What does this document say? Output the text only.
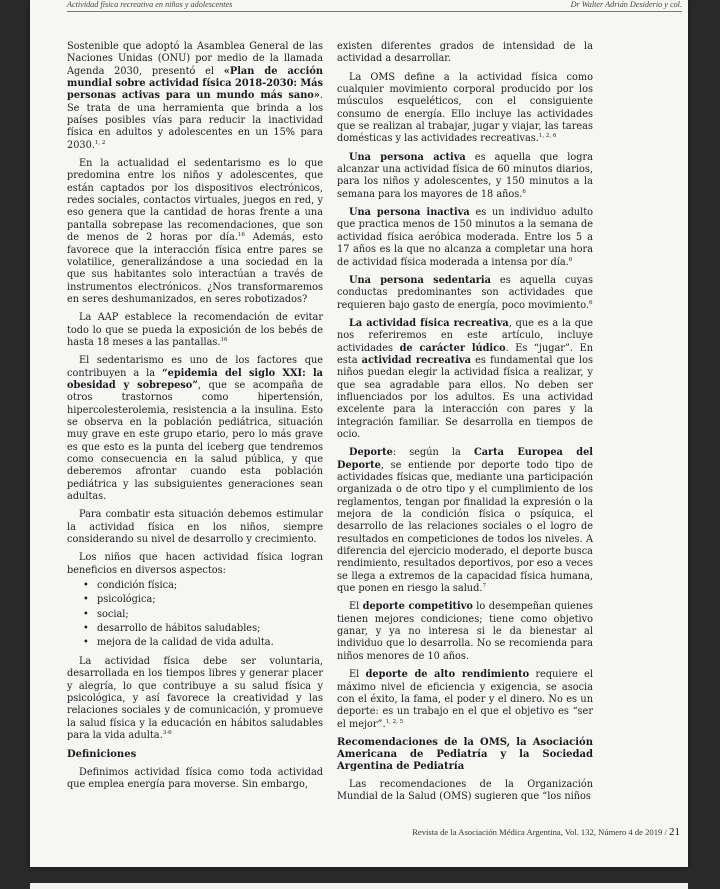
Actividad física recreativa en niños y adolescentes	Dr Walter Adrián Desiderio y col.

Sostenible que adoptó la Asamblea General de las Naciones Unidas (ONU) por medio de la llamada Agenda 2030, presentó el «Plan de acción mundial sobre actividad física 2018-2030: Más personas activas para un mundo más sano». Se trata de una herramienta que brinda a los países posibles vías para reducir la inactividad física en adultos y adolescentes en un 15% para 2030.$^{1, 2}$

En la actualidad el sedentarismo es lo que predomina entre los niños y adolescentes, que están captados por los dispositivos electrónicos, redes sociales, contactos virtuales, juegos en red, y eso genera que la cantidad de horas frente a una pantalla sobrepase las recomendaciones, que son de menos de 2 horas por día.$^{16}$ Además, esto favorece que la interacción física entre pares se volatilice, generalizándose a una sociedad en la que sus habitantes solo interactúan a través de instrumentos electrónicos. ¿Nos transformaremos en seres deshumanizados, en seres robotizados?

La AAP establece la recomendación de evitar todo lo que se pueda la exposición de los bebés de hasta 18 meses a las pantallas.$^{16}$

El sedentarismo es uno de los factores que contribuyen a la “epidemia del siglo XXI: la obesidad y sobrepeso”, que se acompaña de otros trastornos como hipertensión, hipercolesterolemia, resistencia a la insulina. Esto se observa en la población pediátrica, situación muy grave en este grupo etario, pero lo más grave es que esto es la punta del iceberg que tendremos como consecuencia en la salud pública, y que deberemos afrontar cuando esta población pediátrica y las subsiguientes generaciones sean adultas.

Para combatir esta situación debemos estimular la actividad física en los niños, siempre considerando su nivel de desarrollo y crecimiento.

Los niños que hacen actividad física logran beneficios en diversos aspectos:

• condición física;
• psicológica;
• social;
• desarrollo de hábitos saludables;
• mejora de la calidad de vida adulta.

La actividad física debe ser voluntaria, desarrollada en los tiempos libres y generar placer y alegría, lo que contribuye a su salud física y psicológica, y así favorece la creatividad y las relaciones sociales y de comunicación, y promueve la salud física y la educación en hábitos saludables para la vida adulta.$^{3-6}$

Definiciones

Definimos actividad física como toda actividad que emplea energía para moverse. Sin embargo,

existen diferentes grados de intensidad de la actividad a desarrollar.

La OMS define a la actividad física como cualquier movimiento corporal producido por los músculos esqueléticos, con el consiguiente consumo de energía. Ello incluye las actividades que se realizan al trabajar, jugar y viajar, las tareas domésticas y las actividades recreativas.$^{1, 2, 6}$

Una persona activa es aquella que logra alcanzar una actividad física de 60 minutos diarios, para los niños y adolescentes, y 150 minutos a la semana para los mayores de 18 años.$^6$

Una persona inactiva es un individuo adulto que practica menos de 150 minutos a la semana de actividad física aeróbica moderada. Entre los 5 a 17 años es la que no alcanza a completar una hora de actividad física moderada a intensa por día.$^6$

Una persona sedentaria es aquella cuyas conductas predominantes son actividades que requieren bajo gasto de energía, poco movimiento.$^6$

La actividad física recreativa, que es a la que nos referiremos en este artículo, incluye actividades de carácter lúdico. Es “jugar”. En esta actividad recreativa es fundamental que los niños puedan elegir la actividad física a realizar, y que sea agradable para ellos. No deben ser influenciados por los adultos. Es una actividad excelente para la interacción con pares y la integración familiar. Se desarrolla en tiempos de ocio.

Deporte: según la Carta Europea del Deporte, se entiende por deporte todo tipo de actividades físicas que, mediante una participación organizada o de otro tipo y el cumplimiento de los reglamentos, tengan por finalidad la expresión o la mejora de la condición física o psíquica, el desarrollo de las relaciones sociales o el logro de resultados en competiciones de todos los niveles. A diferencia del ejercicio moderado, el deporte busca rendimiento, resultados deportivos, por eso a veces se llega a extremos de la capacidad física humana, que ponen en riesgo la salud.$^7$

El deporte competitivo lo desempeñan quienes tienen mejores condiciones; tiene como objetivo ganar, y ya no interesa si le da bienestar al individuo que lo desarrolla. No se recomienda para niños menores de 10 años.

El deporte de alto rendimiento requiere el máximo nivel de eficiencia y exigencia, se asocia con el éxito, la fama, el poder y el dinero. No es un deporte: es un trabajo en el que el objetivo es “ser el mejor”.$^{1, 2, 5}$

Recomendaciones de la OMS, la Asociación Americana de Pediatría y la Sociedad Argentina de Pediatría

Las recomendaciones de la Organización Mundial de la Salud (OMS) sugieren que “los niños

Revista de la Asociación Médica Argentina, Vol. 132, Número 4 de 2019 / 21
